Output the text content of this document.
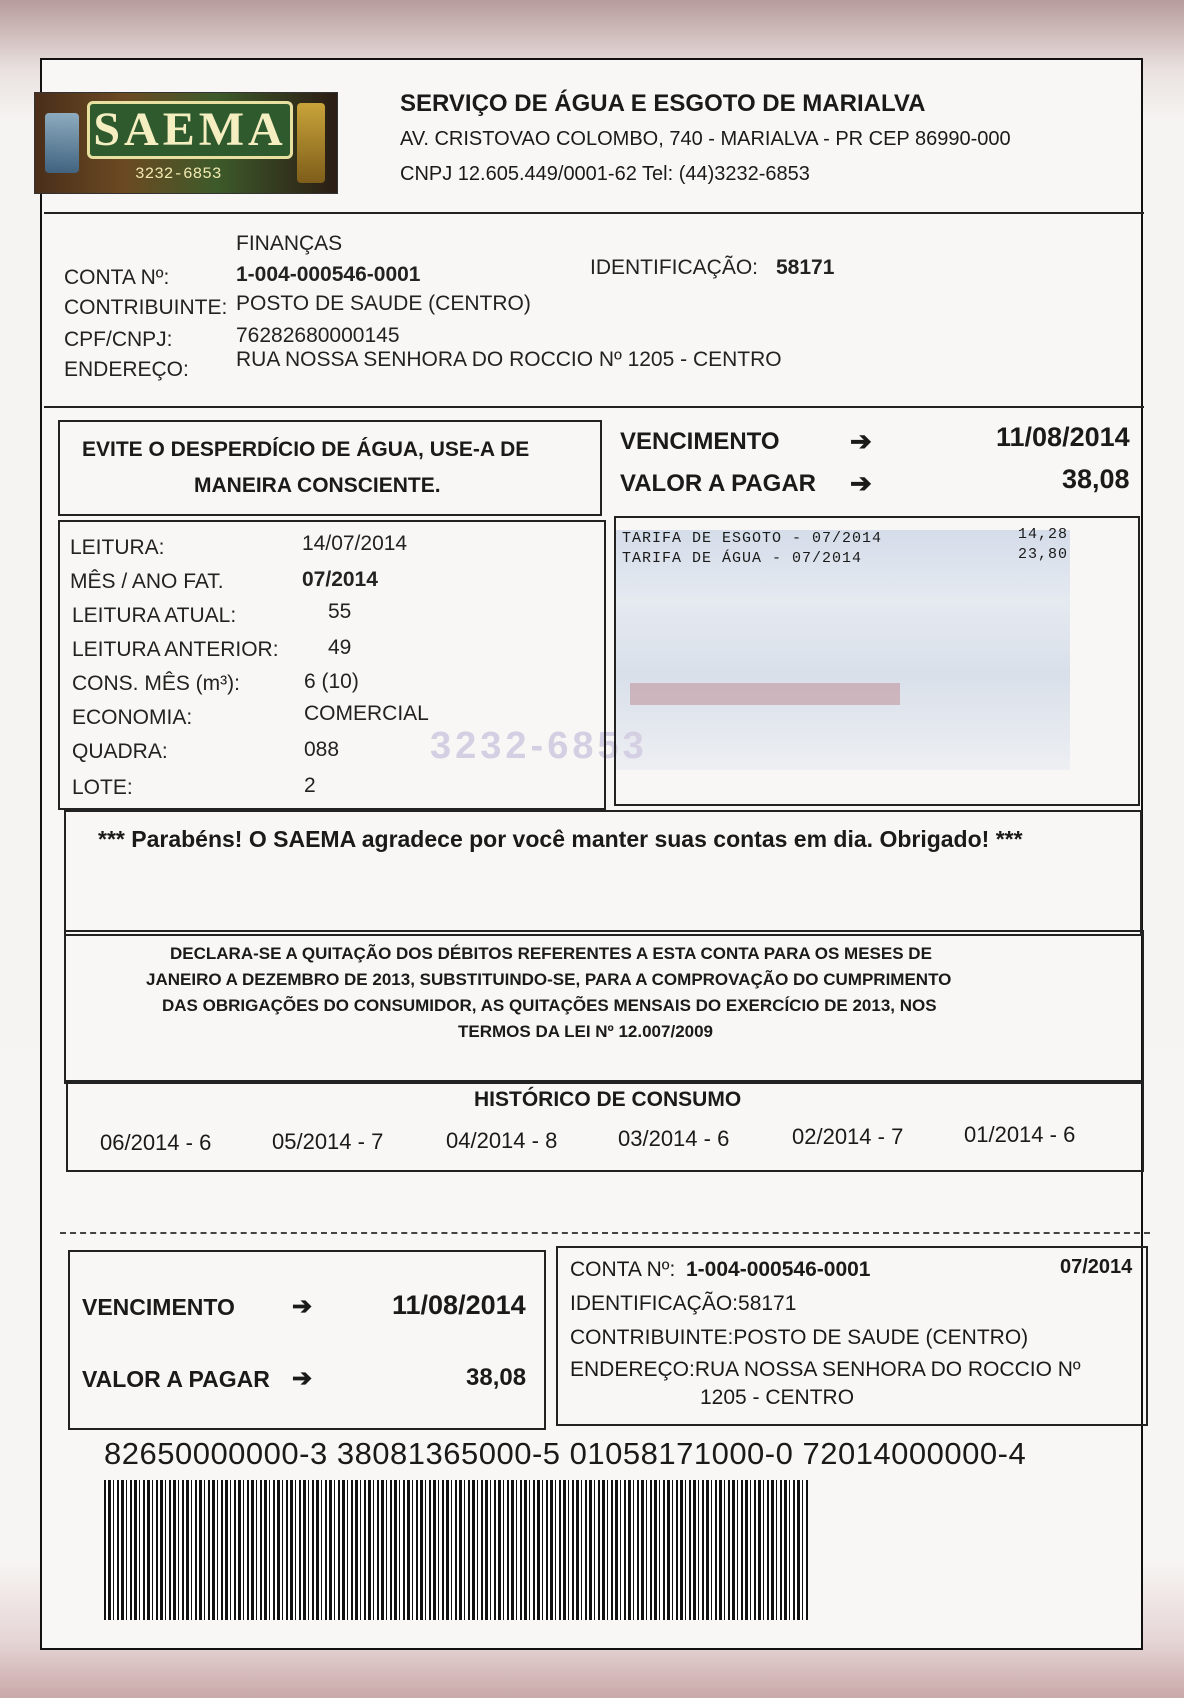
SAEMA
3232-6853
SERVIÇO DE ÁGUA E ESGOTO DE MARIALVA
AV. CRISTOVAO COLOMBO, 740 - MARIALVA - PR CEP 86990-000
CNPJ 12.605.449/0001-62 Tel: (44)3232-6853
FINANÇAS
CONTA Nº:	1-004-000546-0001	IDENTIFICAÇÃO: 58171
CONTRIBUINTE: POSTO DE SAUDE (CENTRO)
CPF/CNPJ:	76282680000145
ENDEREÇO: RUA NOSSA SENHORA DO ROCCIO Nº 1205 - CENTRO
EVITE O DESPERDÍCIO DE ÁGUA, USE-A DE
MANEIRA CONSCIENTE.
VENCIMENTO	➔	11/08/2014
VALOR A PAGAR ➔	38,08
3232-6853
LEITURA:	14/07/2014
MÊS / ANO FAT.	07/2014
LEITURA ATUAL:	55
LEITURA ANTERIOR: 49
CONS. MÊS (m³):	6 (10)
ECONOMIA:	COMERCIAL
QUADRA:	088
LOTE:	2
TARIFA DE ESGOTO - 07/2014	14,28
TARIFA DE ÁGUA - 07/2014	23,80
*** Parabéns! O SAEMA agradece por você manter suas contas em dia. Obrigado! ***
DECLARA-SE A QUITAÇÃO DOS DÉBITOS REFERENTES A ESTA CONTA PARA OS MESES DE
JANEIRO A DEZEMBRO DE 2013, SUBSTITUINDO-SE, PARA A COMPROVAÇÃO DO CUMPRIMENTO
DAS OBRIGAÇÕES DO CONSUMIDOR, AS QUITAÇÕES MENSAIS DO EXERCÍCIO DE 2013, NOS
TERMOS DA LEI Nº 12.007/2009
HISTÓRICO DE CONSUMO
06/2014 - 6	05/2014 - 7	04/2014 - 8	03/2014 - 6	02/2014 - 7	01/2014 - 6
VENCIMENTO ➔	11/08/2014
VALOR A PAGAR ➔	38,08
CONTA Nº: 1-004-000546-0001	07/2014
IDENTIFICAÇÃO:58171
CONTRIBUINTE:POSTO DE SAUDE (CENTRO)
ENDEREÇO:RUA NOSSA SENHORA DO ROCCIO Nº
1205 - CENTRO
82650000000-3 38081365000-5 01058171000-0 72014000000-4
